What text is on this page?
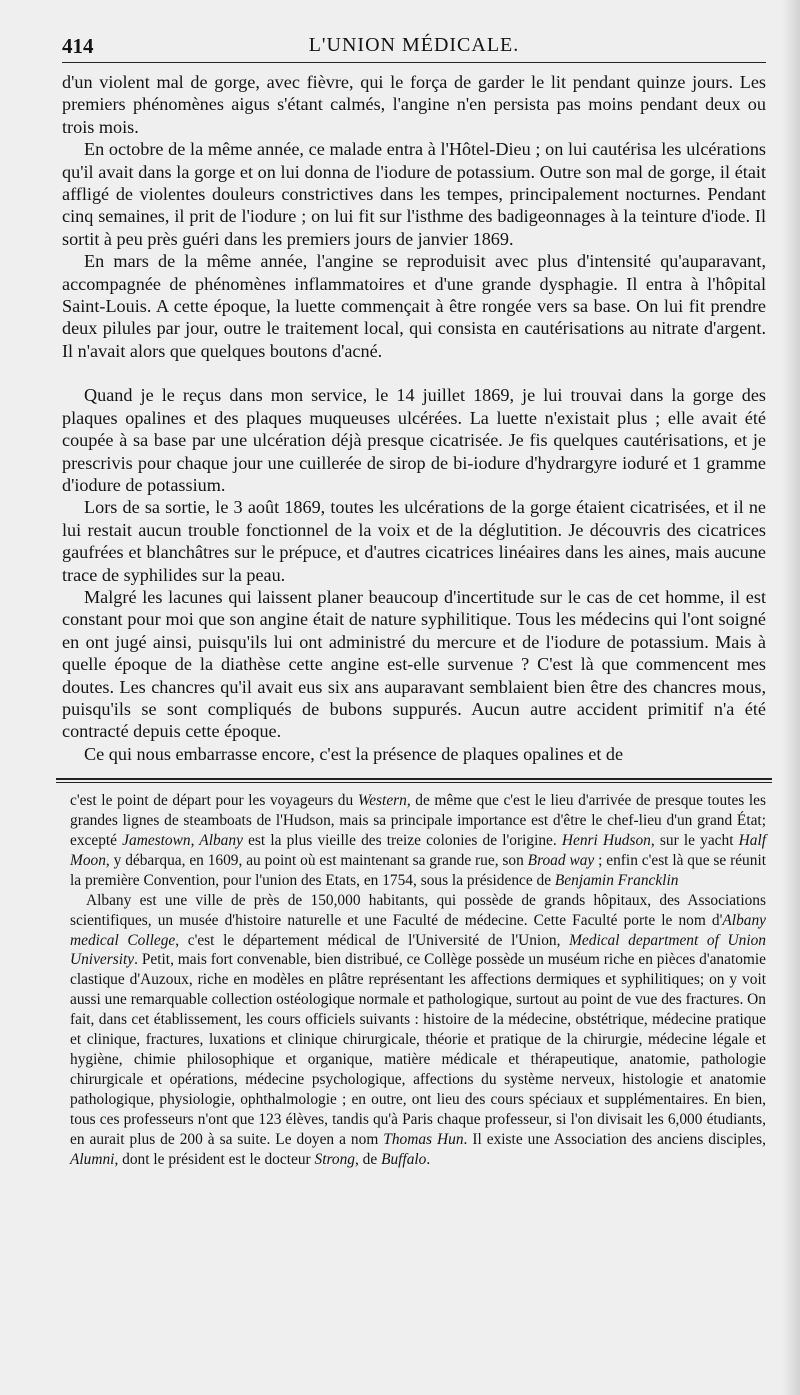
414	L'UNION MÉDICALE.

d'un violent mal de gorge, avec fièvre, qui le força de garder le lit pendant quinze jours. Les premiers phénomènes aigus s'étant calmés, l'angine n'en persista pas moins pendant deux ou trois mois.

En octobre de la même année, ce malade entra à l'Hôtel-Dieu ; on lui cautérisa les ulcérations qu'il avait dans la gorge et on lui donna de l'iodure de potassium. Outre son mal de gorge, il était affligé de violentes douleurs constrictives dans les tempes, principalement nocturnes. Pendant cinq semaines, il prit de l'iodure ; on lui fit sur l'isthme des badigeonnages à la teinture d'iode. Il sortit à peu près guéri dans les premiers jours de janvier 1869.

En mars de la même année, l'angine se reproduisit avec plus d'intensité qu'auparavant, accompagnée de phénomènes inflammatoires et d'une grande dysphagie. Il entra à l'hôpital Saint-Louis. A cette époque, la luette commençait à être rongée vers sa base. On lui fit prendre deux pilules par jour, outre le traitement local, qui consista en cautérisations au nitrate d'argent. Il n'avait alors que quelques boutons d'acné.

Quand je le reçus dans mon service, le 14 juillet 1869, je lui trouvai dans la gorge des plaques opalines et des plaques muqueuses ulcérées. La luette n'existait plus ; elle avait été coupée à sa base par une ulcération déjà presque cicatrisée. Je fis quelques cautérisations, et je prescrivis pour chaque jour une cuillerée de sirop de bi-iodure d'hydrargyre ioduré et 1 gramme d'iodure de potassium.

Lors de sa sortie, le 3 août 1869, toutes les ulcérations de la gorge étaient cicatrisées, et il ne lui restait aucun trouble fonctionnel de la voix et de la déglutition. Je découvris des cicatrices gaufrées et blanchâtres sur le prépuce, et d'autres cicatrices linéaires dans les aines, mais aucune trace de syphilides sur la peau.

Malgré les lacunes qui laissent planer beaucoup d'incertitude sur le cas de cet homme, il est constant pour moi que son angine était de nature syphilitique. Tous les médecins qui l'ont soigné en ont jugé ainsi, puisqu'ils lui ont administré du mercure et de l'iodure de potassium. Mais à quelle époque de la diathèse cette angine est-elle survenue ? C'est là que commencent mes doutes. Les chancres qu'il avait eus six ans auparavant semblaient bien être des chancres mous, puisqu'ils se sont compliqués de bubons suppurés. Aucun autre accident primitif n'a été contracté depuis cette époque.

Ce qui nous embarrasse encore, c'est la présence de plaques opalines et de

c'est le point de départ pour les voyageurs du Western, de même que c'est le lieu d'arrivée de presque toutes les grandes lignes de steamboats de l'Hudson, mais sa principale importance est d'être le chef-lieu d'un grand État; excepté Jamestown, Albany est la plus vieille des treize colonies de l'origine. Henri Hudson, sur le yacht Half Moon, y débarqua, en 1609, au point où est maintenant sa grande rue, son Broad way ; enfin c'est là que se réunit la première Convention, pour l'union des Etats, en 1754, sous la présidence de Benjamin Francklin

Albany est une ville de près de 150,000 habitants, qui possède de grands hôpitaux, des Associations scientifiques, un musée d'histoire naturelle et une Faculté de médecine. Cette Faculté porte le nom d'Albany medical College, c'est le département médical de l'Université de l'Union, Medical department of Union University. Petit, mais fort convenable, bien distribué, ce Collège possède un muséum riche en pièces d'anatomie clastique d'Auzoux, riche en modèles en plâtre représentant les affections dermiques et syphilitiques; on y voit aussi une remarquable collection ostéologique normale et pathologique, surtout au point de vue des fractures. On fait, dans cet établissement, les cours officiels suivants : histoire de la médecine, obstétrique, médecine pratique et clinique, fractures, luxations et clinique chirurgicale, théorie et pratique de la chirurgie, médecine légale et hygiène, chimie philosophique et organique, matière médicale et thérapeutique, anatomie, pathologie chirurgicale et opérations, médecine psychologique, affections du système nerveux, histologie et anatomie pathologique, physiologie, ophthalmologie ; en outre, ont lieu des cours spéciaux et supplémentaires. En bien, tous ces professeurs n'ont que 123 élèves, tandis qu'à Paris chaque professeur, si l'on divisait les 6,000 étudiants, en aurait plus de 200 à sa suite. Le doyen a nom Thomas Hun. Il existe une Association des anciens disciples, Alumni, dont le président est le docteur Strong, de Buffalo.
